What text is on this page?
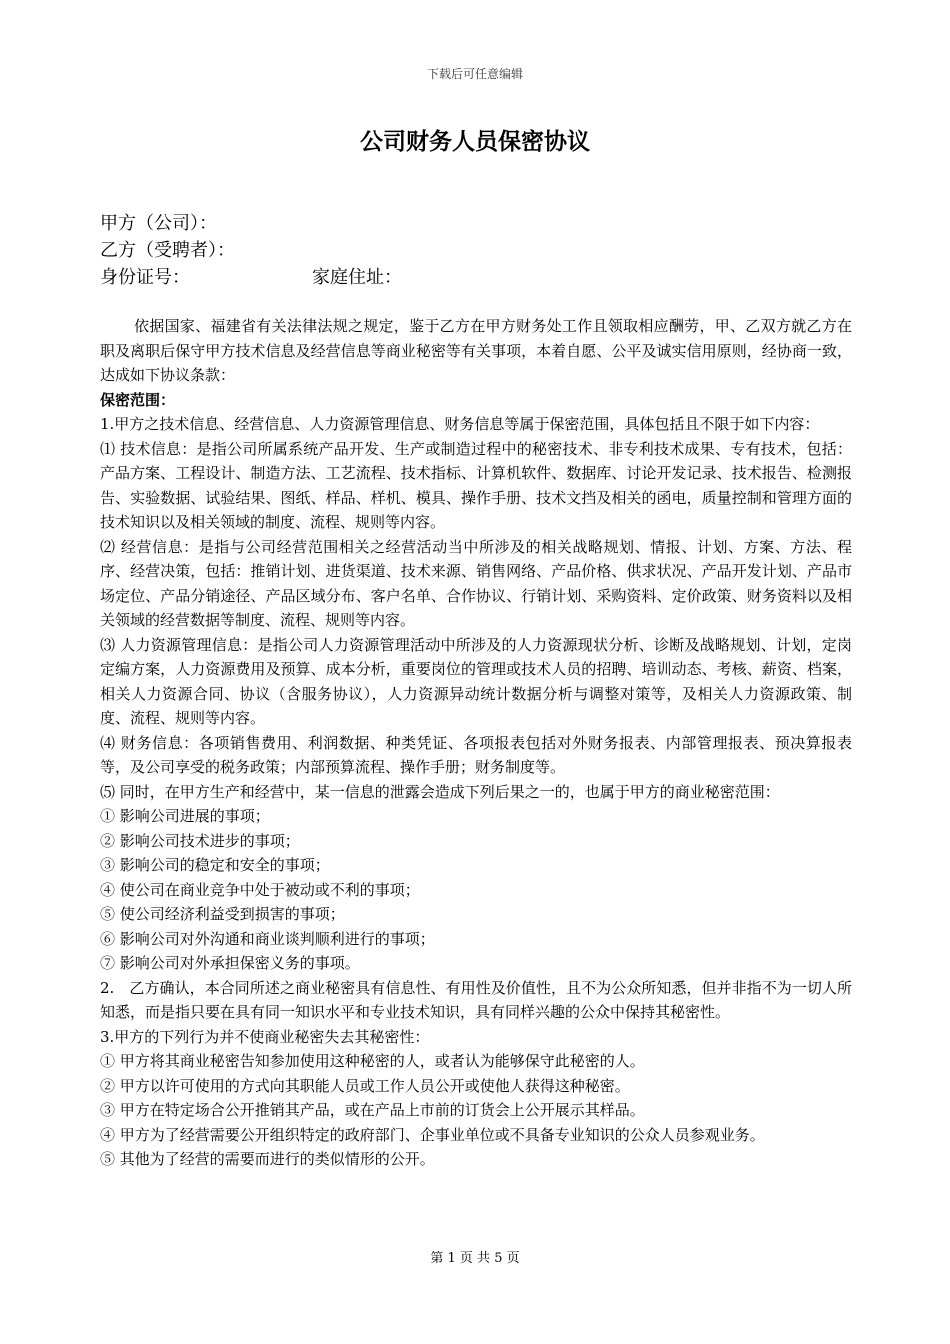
下载后可任意编辑
公司财务人员保密协议
甲方（公司）：
乙方（受聘者）：
身份证号：	家庭住址：

依据国家、福建省有关法律法规之规定，鉴于乙方在甲方财务处工作且领取相应酬劳，甲、乙双方就乙方在职及离职后保守甲方技术信息及经营信息等商业秘密等有关事项，本着自愿、公平及诚实信用原则，经协商一致，达成如下协议条款：

保密范围：

1.甲方之技术信息、经营信息、人力资源管理信息、财务信息等属于保密范围，具体包括且不限于如下内容：

⑴ 技术信息：是指公司所属系统产品开发、生产或制造过程中的秘密技术、非专利技术成果、专有技术，包括：产品方案、工程设计、制造方法、工艺流程、技术指标、计算机软件、数据库、讨论开发记录、技术报告、检测报告、实验数据、试验结果、图纸、样品、样机、模具、操作手册、技术文挡及相关的函电，质量控制和管理方面的技术知识以及相关领域的制度、流程、规则等内容。

⑵ 经营信息：是指与公司经营范围相关之经营活动当中所涉及的相关战略规划、情报、计划、方案、方法、程序、经营决策，包括：推销计划、进货渠道、技术来源、销售网络、产品价格、供求状况、产品开发计划、产品市场定位、产品分销途径、产品区域分布、客户名单、合作协议、行销计划、采购资料、定价政策、财务资料以及相关领域的经营数据等制度、流程、规则等内容。

⑶ 人力资源管理信息：是指公司人力资源管理活动中所涉及的人力资源现状分析、诊断及战略规划、计划，定岗定编方案，人力资源费用及预算、成本分析，重要岗位的管理或技术人员的招聘、培训动态、考核、薪资、档案，相关人力资源合同、协议（含服务协议），人力资源异动统计数据分析与调整对策等，及相关人力资源政策、制度、流程、规则等内容。

⑷ 财务信息：各项销售费用、利润数据、种类凭证、各项报表包括对外财务报表、内部管理报表、预决算报表等，及公司享受的税务政策；内部预算流程、操作手册；财务制度等。

⑸ 同时，在甲方生产和经营中，某一信息的泄露会造成下列后果之一的，也属于甲方的商业秘密范围：

① 影响公司进展的事项；

② 影响公司技术进步的事项；

③ 影响公司的稳定和安全的事项；

④ 使公司在商业竞争中处于被动或不利的事项；

⑤ 使公司经济利益受到损害的事项；

⑥ 影响公司对外沟通和商业谈判顺利进行的事项；

⑦ 影响公司对外承担保密义务的事项。

2.　乙方确认，本合同所述之商业秘密具有信息性、有用性及价值性，且不为公众所知悉，但并非指不为一切人所知悉，而是指只要在具有同一知识水平和专业技术知识，具有同样兴趣的公众中保持其秘密性。

3.甲方的下列行为并不使商业秘密失去其秘密性：

① 甲方将其商业秘密告知参加使用这种秘密的人，或者认为能够保守此秘密的人。

② 甲方以许可使用的方式向其职能人员或工作人员公开或使他人获得这种秘密。

③ 甲方在特定场合公开推销其产品，或在产品上市前的订货会上公开展示其样品。

④ 甲方为了经营需要公开组织特定的政府部门、企事业单位或不具备专业知识的公众人员参观业务。

⑤ 其他为了经营的需要而进行的类似情形的公开。

第 1 页 共 5 页
